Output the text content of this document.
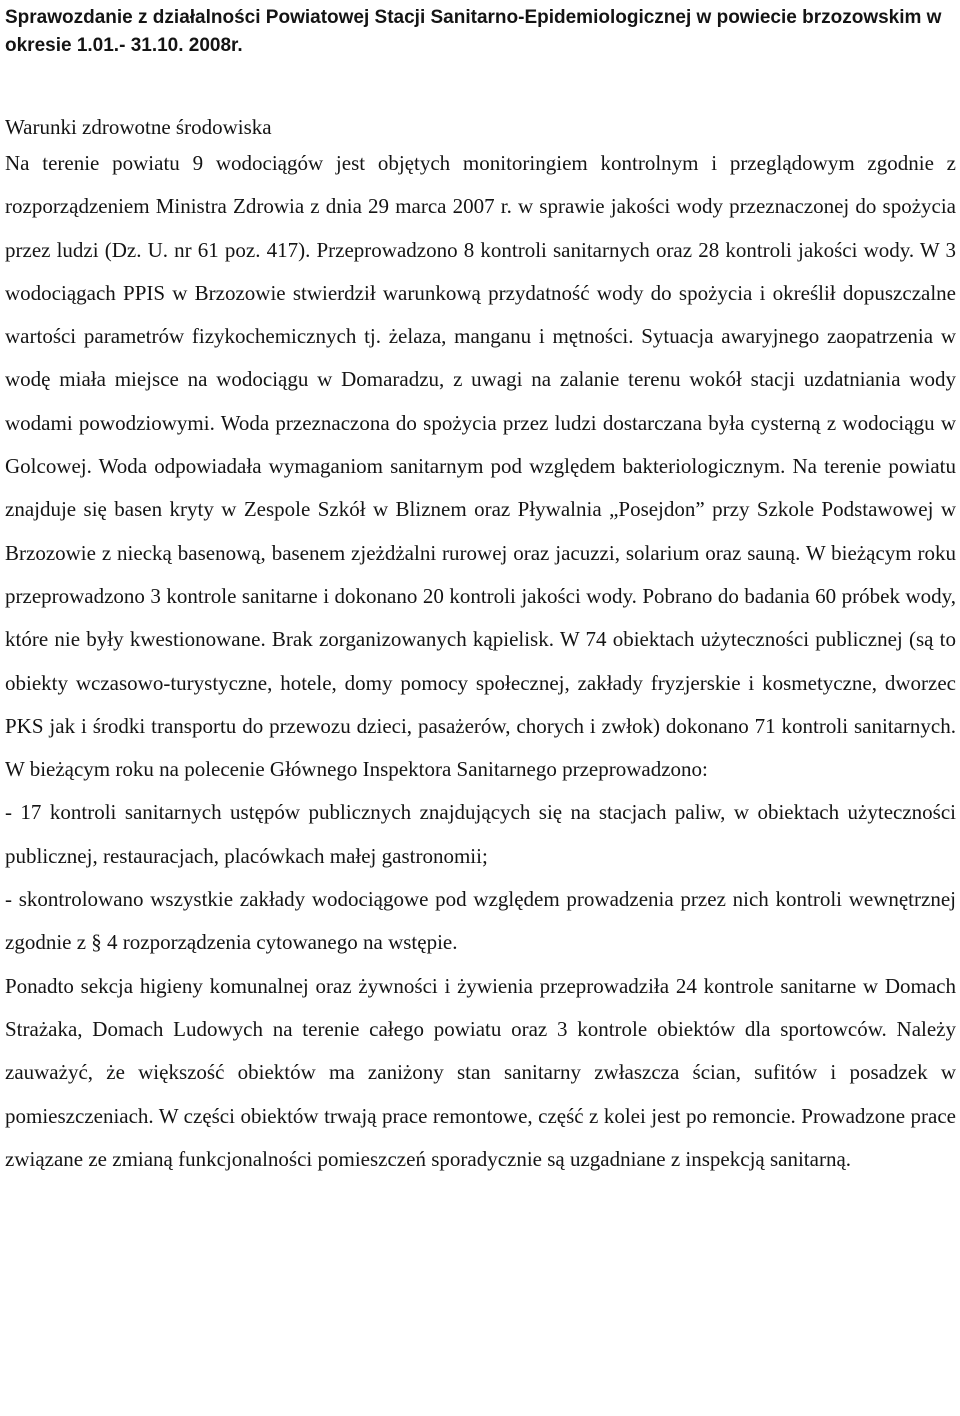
Sprawozdanie z działalności Powiatowej Stacji Sanitarno-Epidemiologicznej w powiecie brzozowskim w okresie 1.01.- 31.10. 2008r.
Warunki zdrowotne środowiska

Na terenie powiatu 9 wodociągów jest objętych monitoringiem kontrolnym i przeglądowym zgodnie z rozporządzeniem Ministra Zdrowia z dnia 29 marca 2007 r. w sprawie jakości wody przeznaczonej do spożycia przez ludzi (Dz. U. nr 61 poz. 417). Przeprowadzono 8 kontroli sanitarnych oraz 28 kontroli jakości wody. W 3 wodociągach PPIS w Brzozowie stwierdził warunkową przydatność wody do spożycia i określił dopuszczalne wartości parametrów fizykochemicznych tj. żelaza, manganu i mętności. Sytuacja awaryjnego zaopatrzenia w wodę miała miejsce na wodociągu w Domaradzu, z uwagi na zalanie terenu wokół stacji uzdatniania wody wodami powodziowymi. Woda przeznaczona do spożycia przez ludzi dostarczana była cysterną z wodociągu w Golcowej. Woda odpowiadała wymaganiom sanitarnym pod względem bakteriologicznym. Na terenie powiatu znajduje się basen kryty w Zespole Szkół w Bliznem oraz Pływalnia „Posejdon” przy Szkole Podstawowej w Brzozowie z niecką basenową, basenem zjeżdżalni rurowej oraz jacuzzi, solarium oraz sauną. W bieżącym roku przeprowadzono 3 kontrole sanitarne i dokonano 20 kontroli jakości wody. Pobrano do badania 60 próbek wody, które nie były kwestionowane. Brak zorganizowanych kąpielisk. W 74 obiektach użyteczności publicznej (są to obiekty wczasowo-turystyczne, hotele, domy pomocy społecznej, zakłady fryzjerskie i kosmetyczne, dworzec PKS jak i środki transportu do przewozu dzieci, pasażerów, chorych i zwłok) dokonano 71 kontroli sanitarnych. W bieżącym roku na polecenie Głównego Inspektora Sanitarnego przeprowadzono:

- 17 kontroli sanitarnych ustępów publicznych znajdujących się na stacjach paliw, w obiektach użyteczności publicznej, restauracjach, placówkach małej gastronomii;

- skontrolowano wszystkie zakłady wodociągowe pod względem prowadzenia przez nich kontroli wewnętrznej zgodnie z § 4 rozporządzenia cytowanego na wstępie.

Ponadto sekcja higieny komunalnej oraz żywności i żywienia przeprowadziła 24 kontrole sanitarne w Domach Strażaka, Domach Ludowych na terenie całego powiatu oraz 3 kontrole obiektów dla sportowców. Należy zauważyć, że większość obiektów ma zaniżony stan sanitarny zwłaszcza ścian, sufitów i posadzek w pomieszczeniach. W części obiektów trwają prace remontowe, część z kolei jest po remoncie. Prowadzone prace związane ze zmianą funkcjonalności pomieszczeń sporadycznie są uzgadniane z inspekcją sanitarną.
